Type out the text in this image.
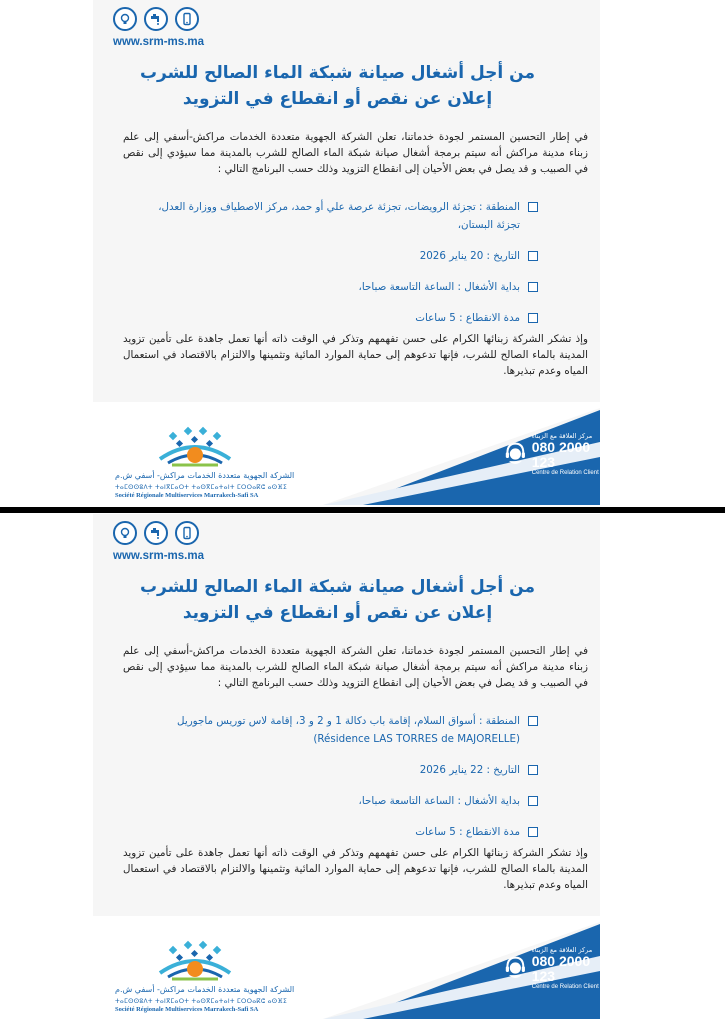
www.srm-ms.ma
من أجل أشغال صيانة شبكة الماء الصالح للشرب
إعلان عن نقص أو انقطاع في التزويد
في إطار التحسين المستمر لجودة خدماتنا، تعلن الشركة الجهوية متعددة الخدمات مراكش-أسفي إلى علم زبناء مدينة مراكش أنه سيتم برمجة أشغال صيانة شبكة الماء الصالح للشرب بالمدينة مما سيؤدي إلى نقص في الصبيب و قد يصل في بعض الأحيان إلى انقطاع التزويد وذلك حسب البرنامج التالي :
المنطقة : تجزئة الرويضات، تجزئة عرصة علي أو حمد، مركز الاصطياف ووزارة العدل، تجزئة البستان،
التاريخ : 20 يناير 2026
بداية الأشغال : الساعة التاسعة صباحا،
مدة الانقطاع : 5 ساعات
وإذ تشكر الشركة زبنائها الكرام على حسن تفهمهم وتذكر في الوقت ذاته أنها تعمل جاهدة على تأمين تزويد المدينة بالماء الصالح للشرب، فإنها تدعوهم إلى حماية الموارد المائية وتثمينها والالتزام بالاقتصاد في استعمال المياه وعدم تبذيرها.
الشركة الجهوية متعددة الخدمات مراكش- أسفي ش.م
ⵜⴰⵎⵙⵙⵓⴷⵜ ⵜⴰⵏⴳⵎⴰⵔⵜ ⵜⴰⵙⴳⵎⴰⵜⴰⵏⵜ ⵎⵔⵔⴰⴽⵛ ⴰⵙⴼⵉ
Société Régionale Multiservices Marrakech-Safi SA
مركز العلاقة مع الزبناء
080 2000 123
Centre de Relation Client
www.srm-ms.ma
من أجل أشغال صيانة شبكة الماء الصالح للشرب
إعلان عن نقص أو انقطاع في التزويد
في إطار التحسين المستمر لجودة خدماتنا، تعلن الشركة الجهوية متعددة الخدمات مراكش-أسفي إلى علم زبناء مدينة مراكش أنه سيتم برمجة أشغال صيانة شبكة الماء الصالح للشرب بالمدينة مما سيؤدي إلى نقص في الصبيب و قد يصل في بعض الأحيان إلى انقطاع التزويد وذلك حسب البرنامج التالي :
المنطقة : أسواق السلام، إقامة باب دكالة 1 و 2 و 3، إقامة لاس توريس ماجوريل (Résidence LAS TORRES de MAJORELLE)
التاريخ : 22 يناير 2026
بداية الأشغال : الساعة التاسعة صباحا،
مدة الانقطاع : 5 ساعات
وإذ تشكر الشركة زبنائها الكرام على حسن تفهمهم وتذكر في الوقت ذاته أنها تعمل جاهدة على تأمين تزويد المدينة بالماء الصالح للشرب، فإنها تدعوهم إلى حماية الموارد المائية وتثمينها والالتزام بالاقتصاد في استعمال المياه وعدم تبذيرها.
الشركة الجهوية متعددة الخدمات مراكش- أسفي ش.م
ⵜⴰⵎⵙⵙⵓⴷⵜ ⵜⴰⵏⴳⵎⴰⵔⵜ ⵜⴰⵙⴳⵎⴰⵜⴰⵏⵜ ⵎⵔⵔⴰⴽⵛ ⴰⵙⴼⵉ
Société Régionale Multiservices Marrakech-Safi SA
مركز العلاقة مع الزبناء
080 2000 123
Centre de Relation Client
